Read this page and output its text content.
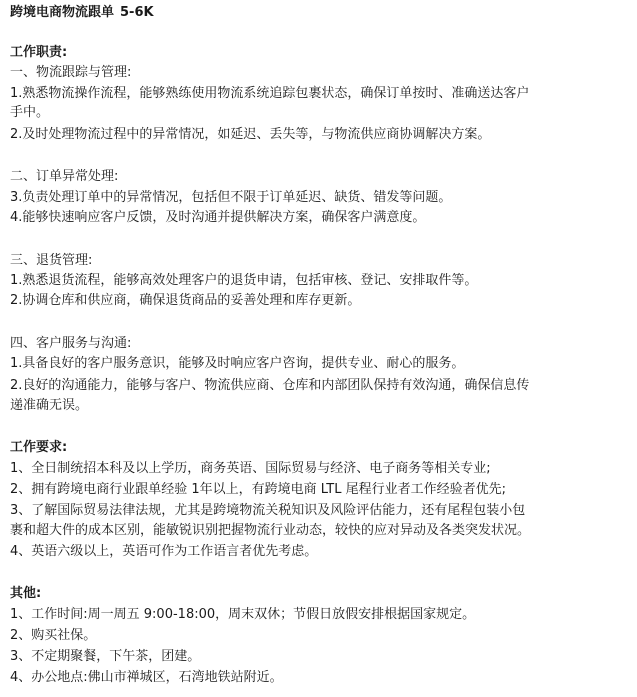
跨境电商物流跟单 5-6K
工作职责:
一、物流跟踪与管理:
1.熟悉物流操作流程，能够熟练使用物流系统追踪包裹状态，确保订单按时、准确送达客户
手中。
2.及时处理物流过程中的异常情况，如延迟、丢失等，与物流供应商协调解决方案。
二、订单异常处理:
3.负责处理订单中的异常情况，包括但不限于订单延迟、缺货、错发等问题。
4.能够快速响应客户反馈，及时沟通并提供解决方案，确保客户满意度。
三、退货管理:
1.熟悉退货流程，能够高效处理客户的退货申请，包括审核、登记、安排取件等。
2.协调仓库和供应商，确保退货商品的妥善处理和库存更新。
四、客户服务与沟通:
1.具备良好的客户服务意识，能够及时响应客户咨询，提供专业、耐心的服务。
2.良好的沟通能力，能够与客户、物流供应商、仓库和内部团队保持有效沟通，确保信息传
递准确无误。
工作要求:
1、全日制统招本科及以上学历，商务英语、国际贸易与经济、电子商务等相关专业;
2、拥有跨境电商行业跟单经验 1年以上，有跨境电商 LTL 尾程行业者工作经验者优先;
3、了解国际贸易法律法规，尤其是跨境物流关税知识及风险评估能力，还有尾程包装小包
裹和超大件的成本区别，能敏锐识别把握物流行业动态，较快的应对异动及各类突发状况。
4、英语六级以上，英语可作为工作语言者优先考虑。
其他:
1、工作时间:周一周五 9:00-18:00，周末双休；节假日放假安排根据国家规定。
2、购买社保。
3、不定期聚餐，下午茶，团建。
4、办公地点:佛山市禅城区，石湾地铁站附近。
